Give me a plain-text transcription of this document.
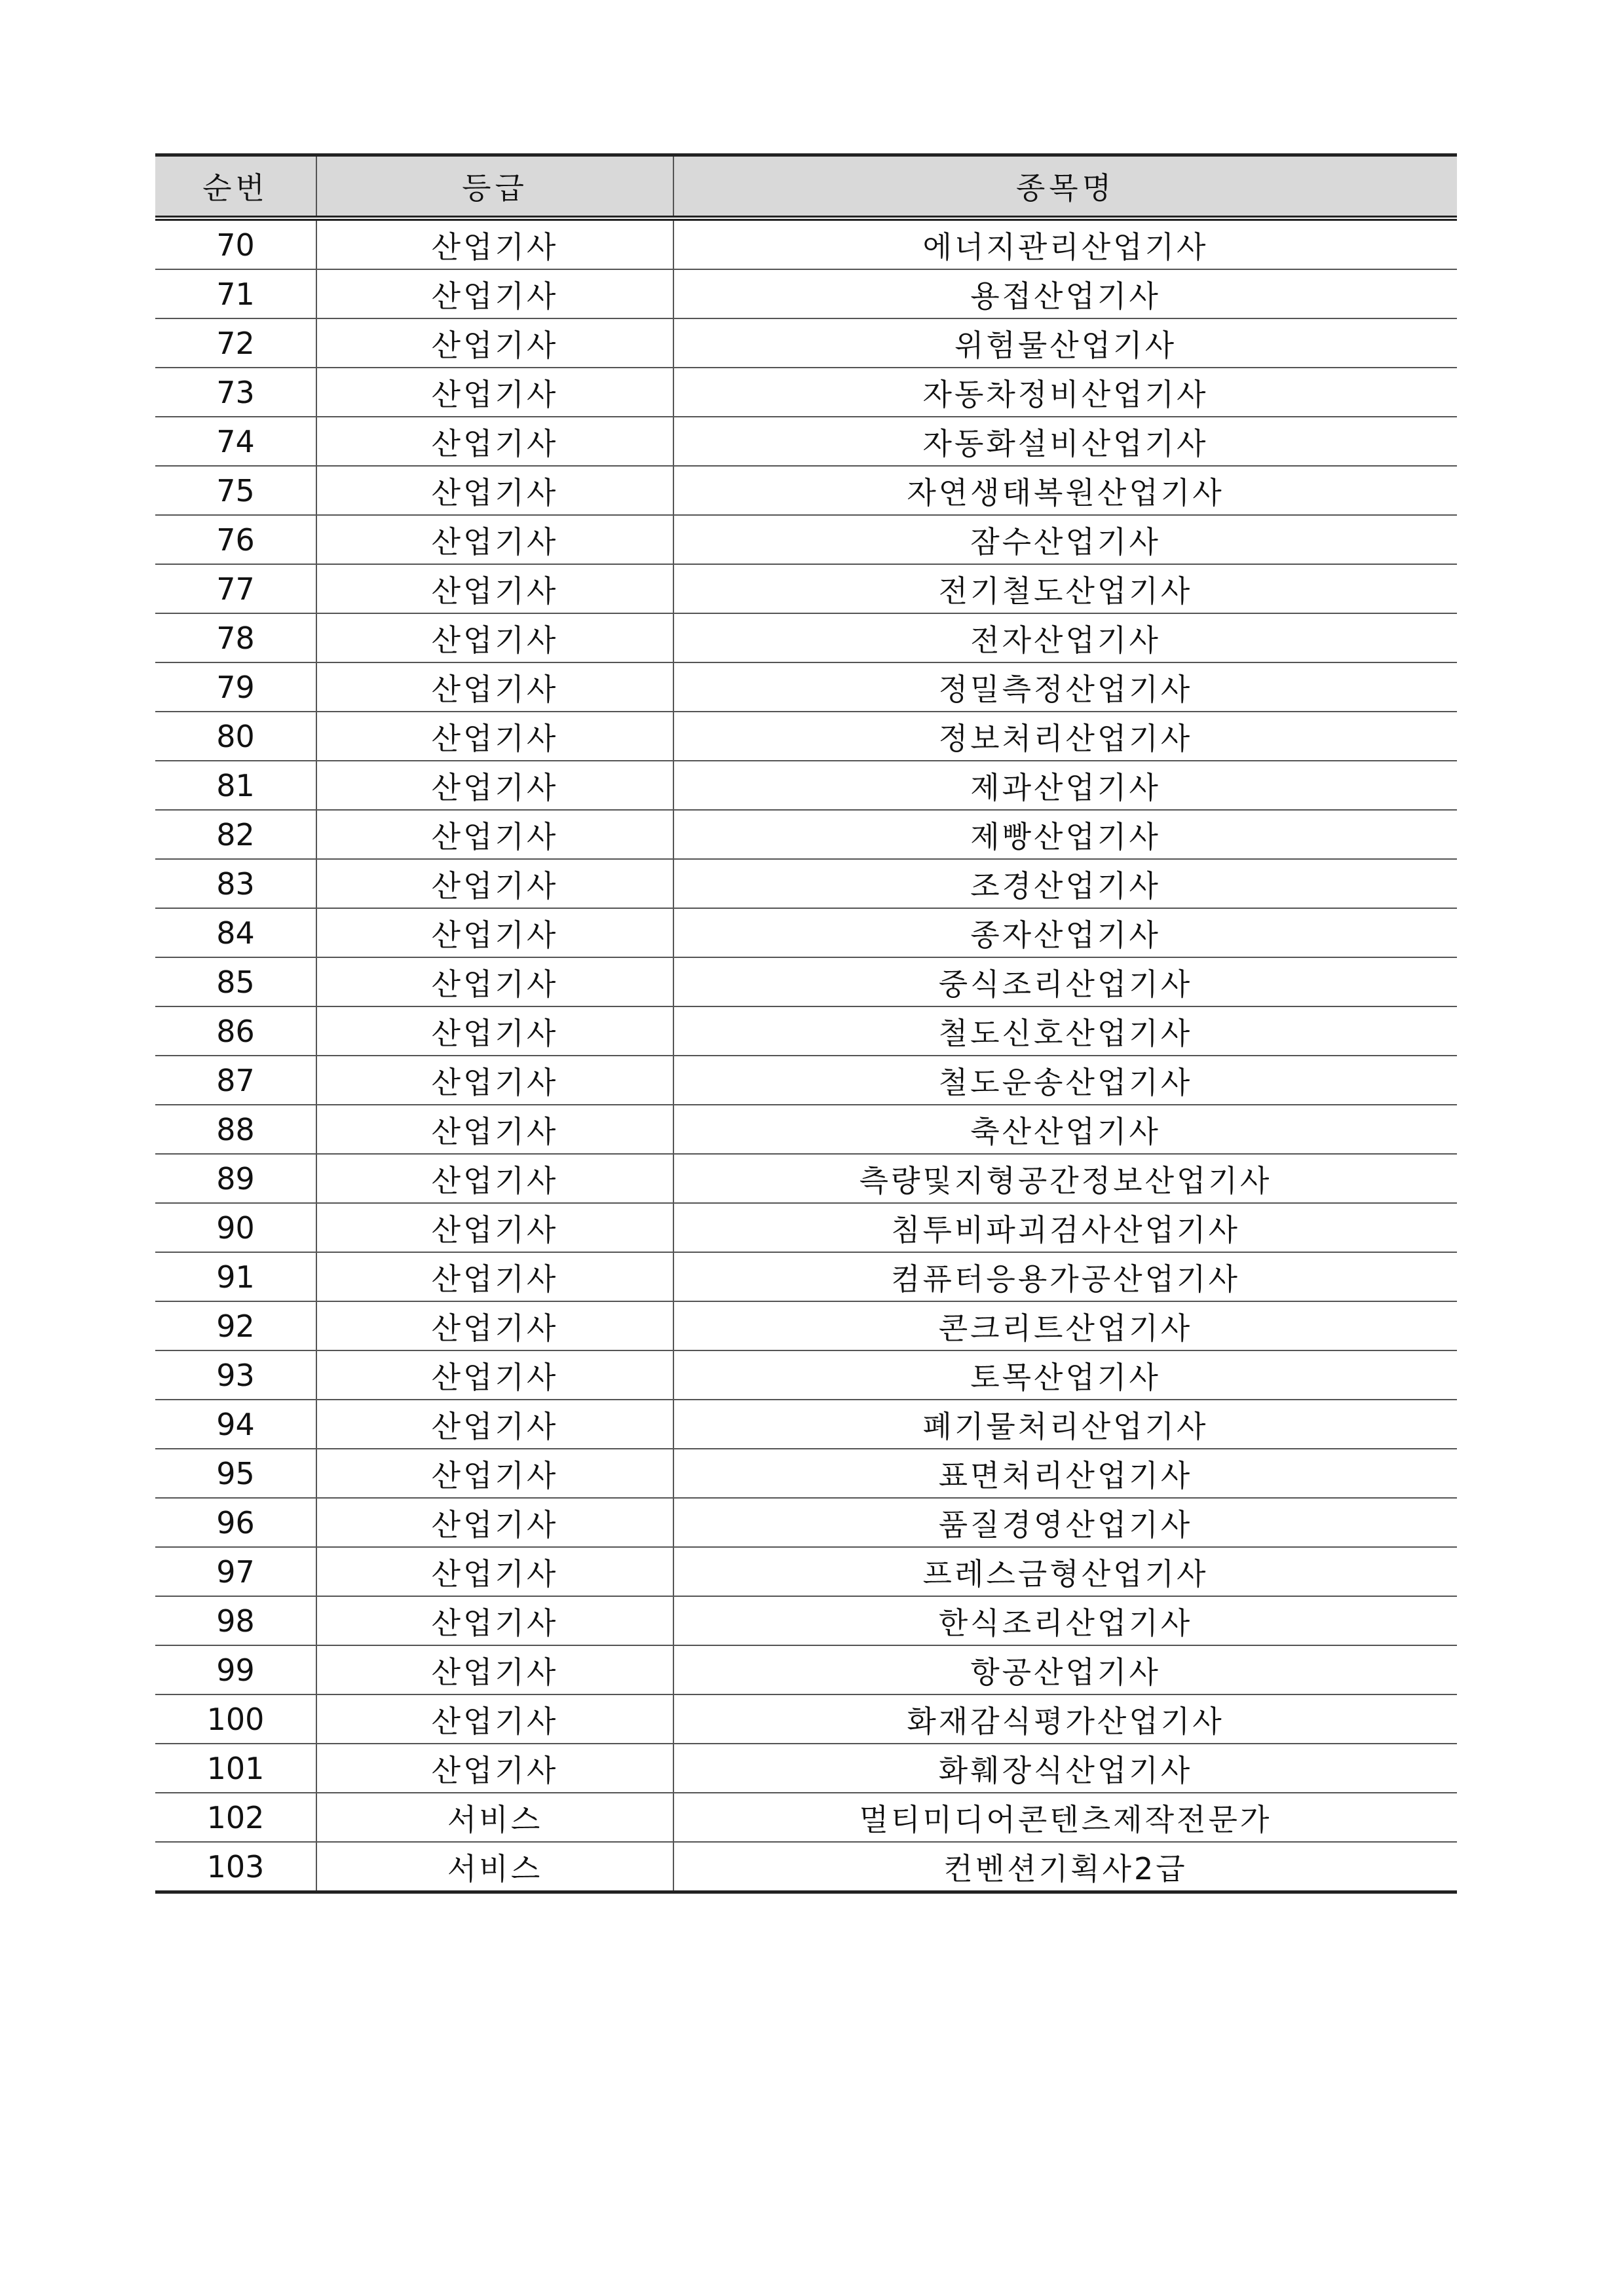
순번	등급	종목명
70	산업기사	에너지관리산업기사
71	산업기사	용접산업기사
72	산업기사	위험물산업기사
73	산업기사	자동차정비산업기사
74	산업기사	자동화설비산업기사
75	산업기사	자연생태복원산업기사
76	산업기사	잠수산업기사
77	산업기사	전기철도산업기사
78	산업기사	전자산업기사
79	산업기사	정밀측정산업기사
80	산업기사	정보처리산업기사
81	산업기사	제과산업기사
82	산업기사	제빵산업기사
83	산업기사	조경산업기사
84	산업기사	종자산업기사
85	산업기사	중식조리산업기사
86	산업기사	철도신호산업기사
87	산업기사	철도운송산업기사
88	산업기사	축산산업기사
89	산업기사	측량및지형공간정보산업기사
90	산업기사	침투비파괴검사산업기사
91	산업기사	컴퓨터응용가공산업기사
92	산업기사	콘크리트산업기사
93	산업기사	토목산업기사
94	산업기사	폐기물처리산업기사
95	산업기사	표면처리산업기사
96	산업기사	품질경영산업기사
97	산업기사	프레스금형산업기사
98	산업기사	한식조리산업기사
99	산업기사	항공산업기사
100	산업기사	화재감식평가산업기사
101	산업기사	화훼장식산업기사
102	서비스	멀티미디어콘텐츠제작전문가
103	서비스	컨벤션기획사2급
